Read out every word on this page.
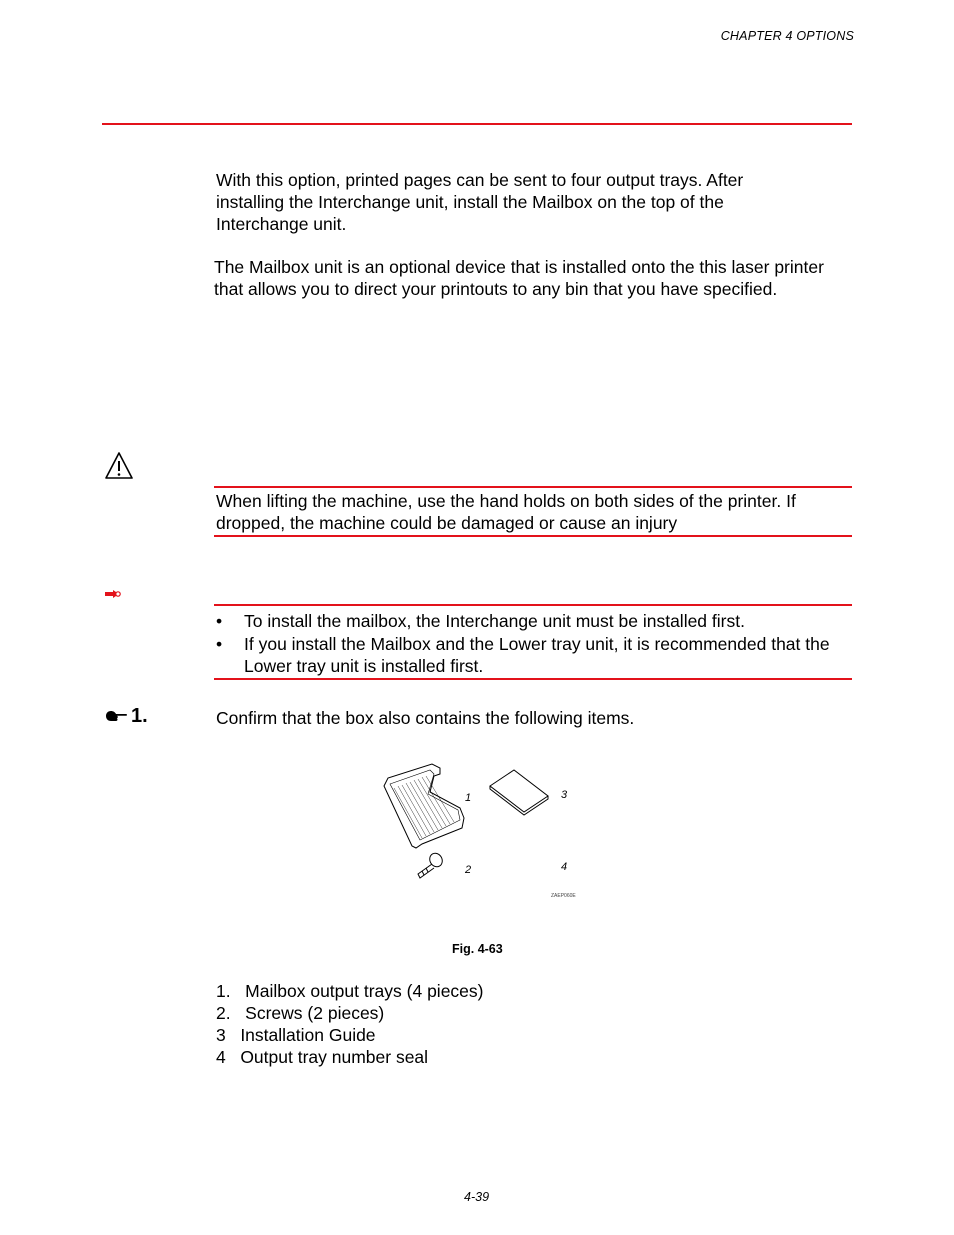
CHAPTER 4 OPTIONS
With this option, printed pages can be sent to four output trays. After installing the Interchange unit, install the Mailbox on the top of the Interchange unit.
The Mailbox unit is an optional device that is installed onto the this laser printer that allows you to direct your printouts to any bin that you have specified.
When lifting the machine, use the hand holds on both sides of the printer. If dropped, the machine could be damaged or cause an injury
• To install the mailbox, the Interchange unit must be installed first.
• If you install the Mailbox and the Lower tray unit, it is recommended that the Lower tray unit is installed first.
1.	Confirm that the box also contains the following items.
1
2
3
4
ZAEP060E
Fig. 4-63
1.   Mailbox output trays (4 pieces)
2.   Screws (2 pieces)
3   Installation Guide
4   Output tray number seal
4-39
